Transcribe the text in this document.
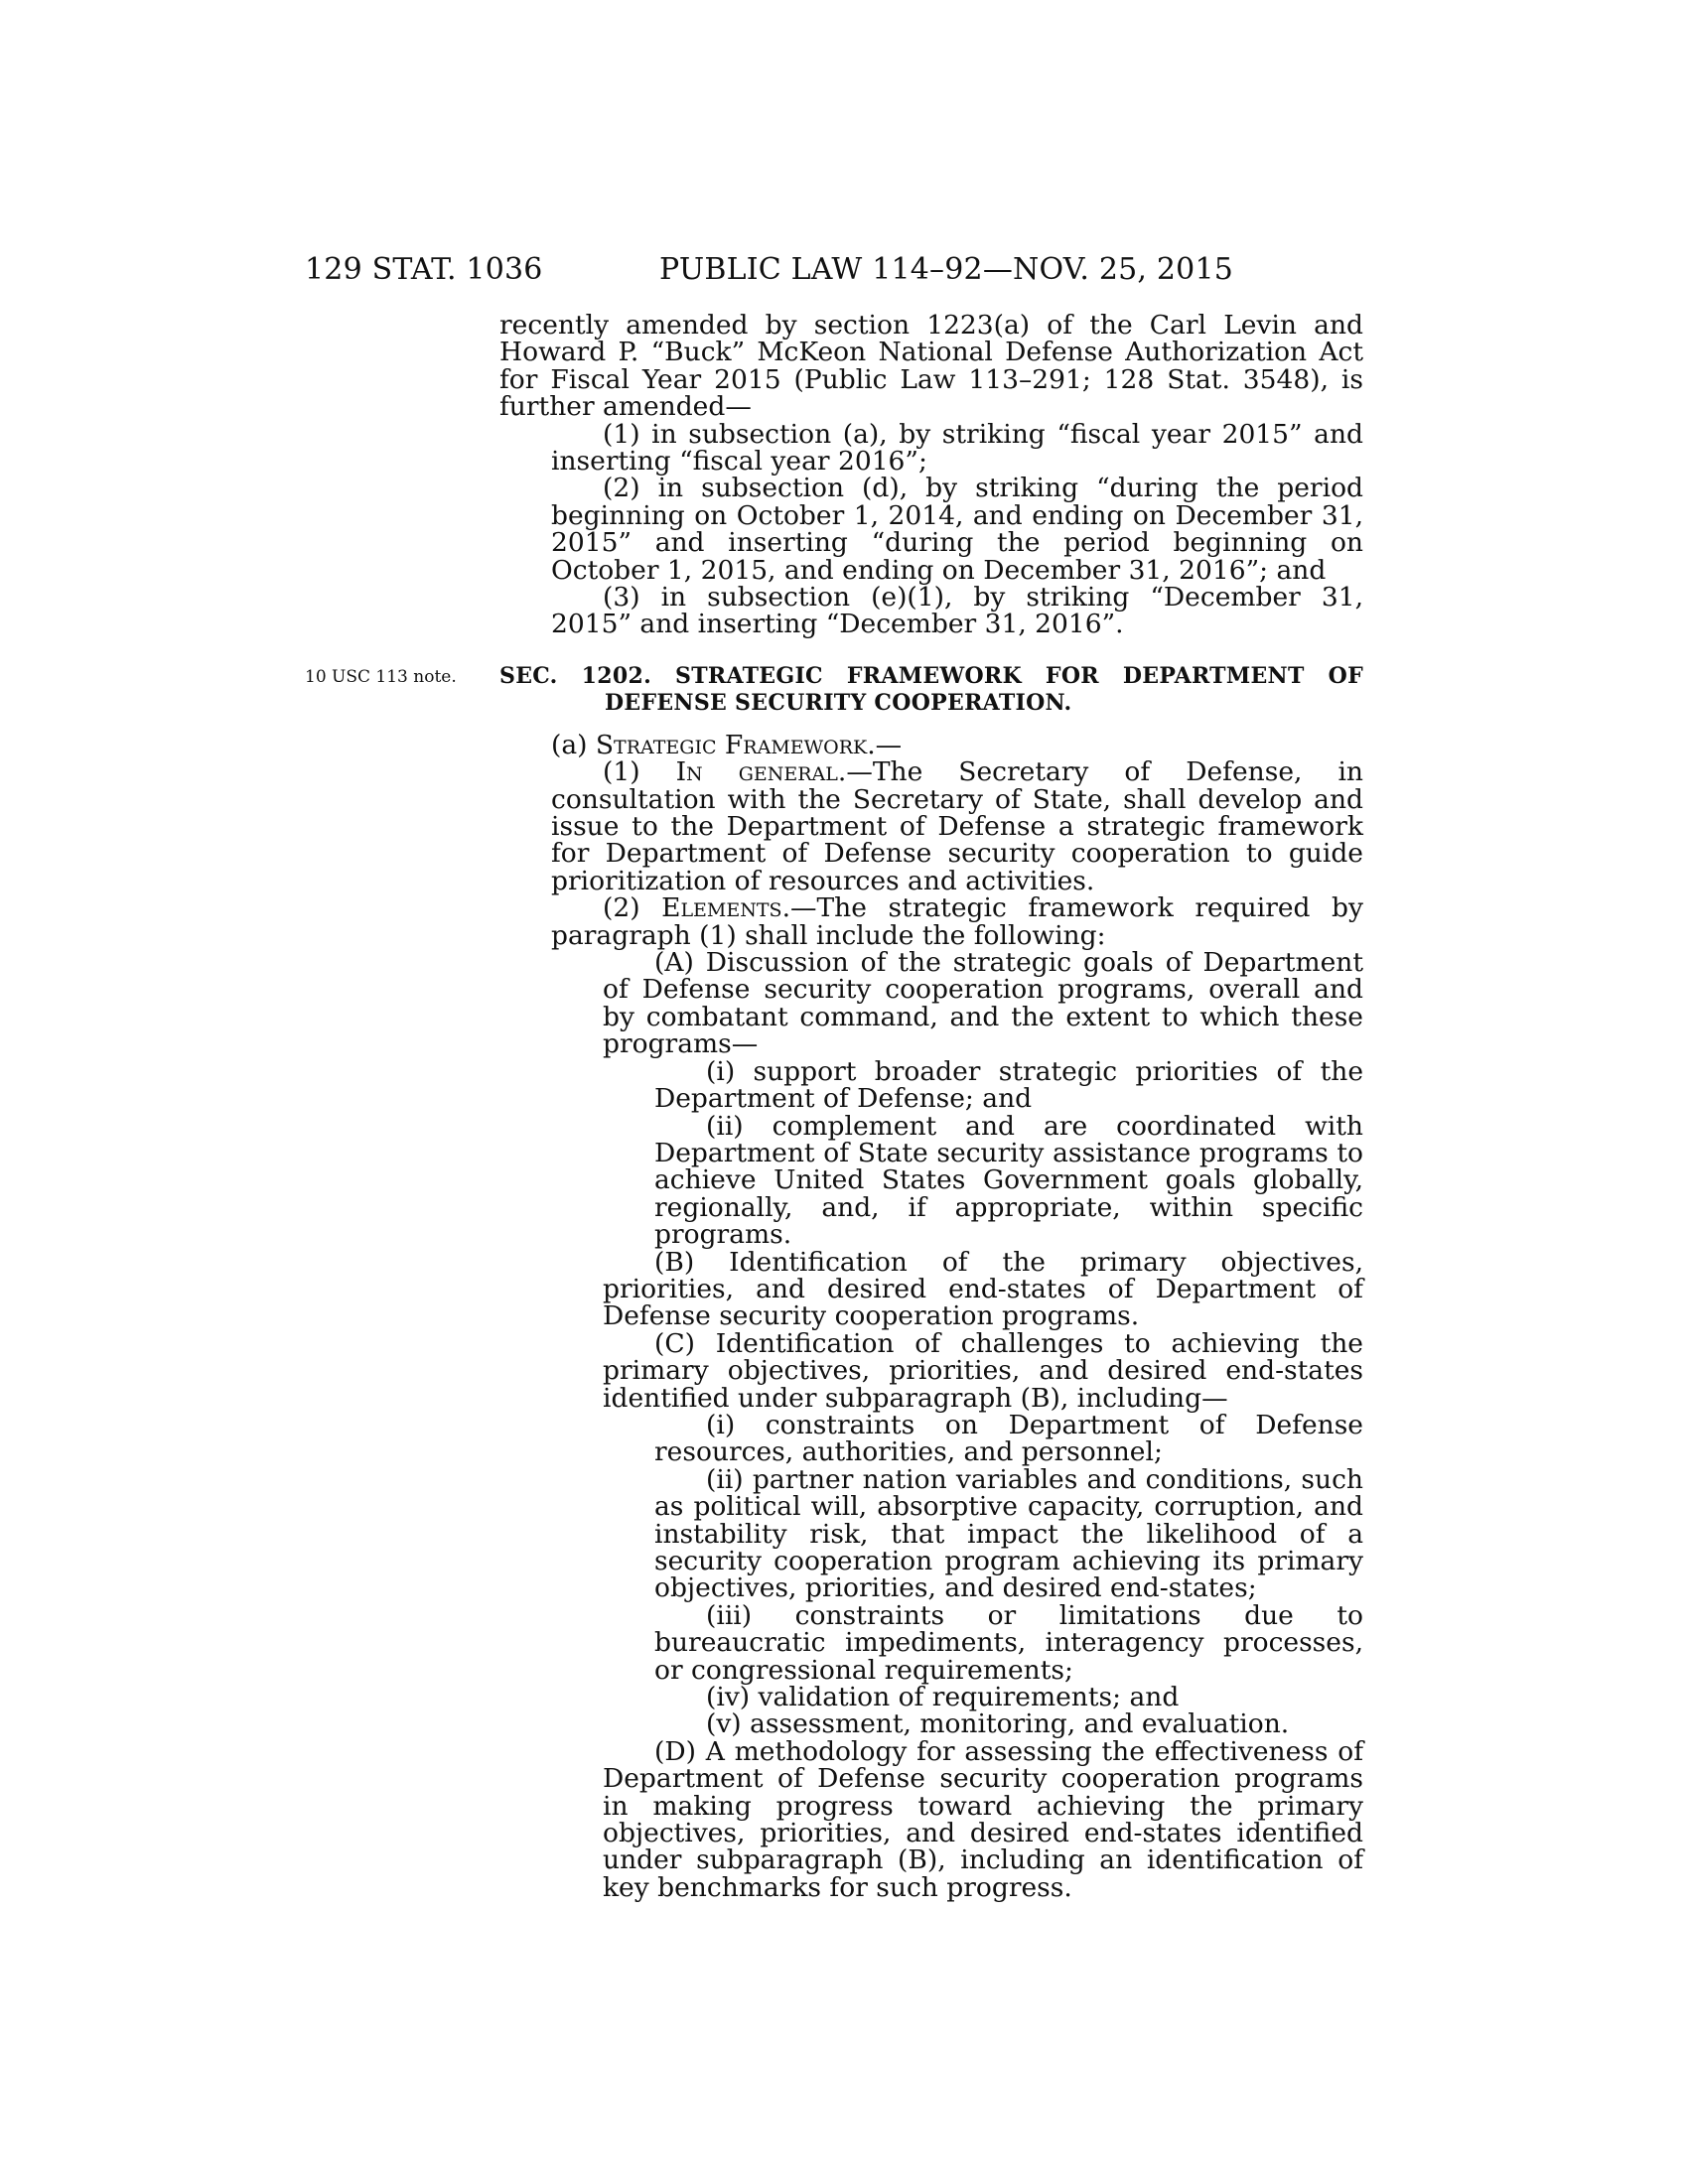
129 STAT. 1036	PUBLIC LAW 114–92—NOV. 25, 2015

recently amended by section 1223(a) of the Carl Levin and Howard P. “Buck” McKeon National Defense Authorization Act for Fiscal Year 2015 (Public Law 113–291; 128 Stat. 3548), is further amended—

(1) in subsection (a), by striking “fiscal year 2015” and inserting “fiscal year 2016”;

(2) in subsection (d), by striking “during the period beginning on October 1, 2014, and ending on December 31, 2015” and inserting “during the period beginning on October 1, 2015, and ending on December 31, 2016”; and

(3) in subsection (e)(1), by striking “December 31, 2015” and inserting “December 31, 2016”.

10 USC 113 note. SEC. 1202. STRATEGIC FRAMEWORK FOR DEPARTMENT OF DEFENSE SECURITY COOPERATION.

(a) Strategic Framework.—

(1) In general.—The Secretary of Defense, in consultation with the Secretary of State, shall develop and issue to the Department of Defense a strategic framework for Department of Defense security cooperation to guide prioritization of resources and activities.

(2) Elements.—The strategic framework required by paragraph (1) shall include the following:

(A) Discussion of the strategic goals of Department of Defense security cooperation programs, overall and by combatant command, and the extent to which these programs—

(i) support broader strategic priorities of the Department of Defense; and

(ii) complement and are coordinated with Department of State security assistance programs to achieve United States Government goals globally, regionally, and, if appropriate, within specific programs.

(B) Identification of the primary objectives, priorities, and desired end-states of Department of Defense security cooperation programs.

(C) Identification of challenges to achieving the primary objectives, priorities, and desired end-states identified under subparagraph (B), including—

(i) constraints on Department of Defense resources, authorities, and personnel;

(ii) partner nation variables and conditions, such as political will, absorptive capacity, corruption, and instability risk, that impact the likelihood of a security cooperation program achieving its primary objectives, priorities, and desired end-states;

(iii) constraints or limitations due to bureaucratic impediments, interagency processes, or congressional requirements;

(iv) validation of requirements; and

(v) assessment, monitoring, and evaluation.

(D) A methodology for assessing the effectiveness of Department of Defense security cooperation programs in making progress toward achieving the primary objectives, priorities, and desired end-states identified under subparagraph (B), including an identification of key benchmarks for such progress.
